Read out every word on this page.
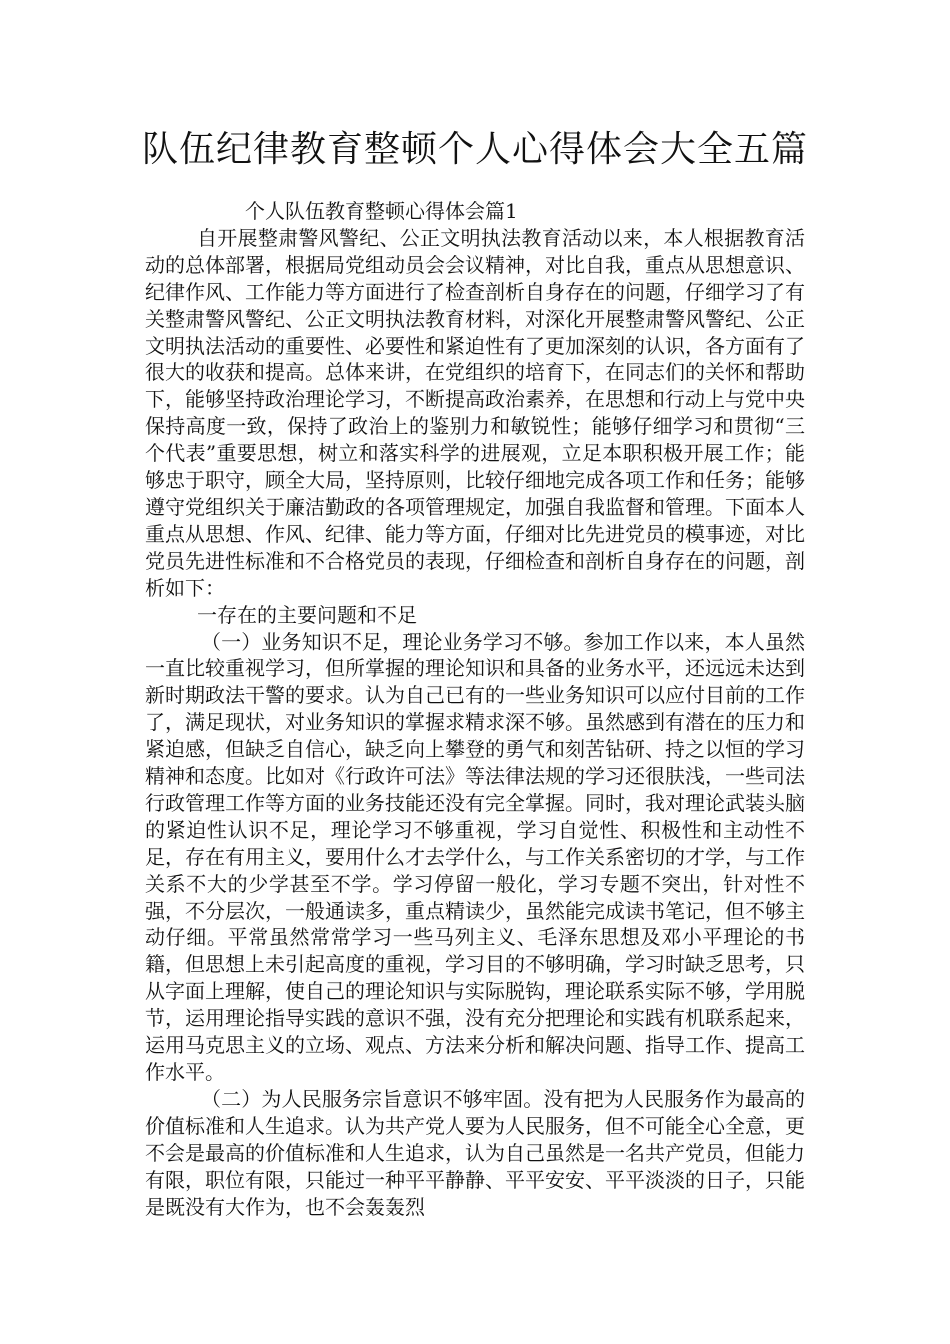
队伍纪律教育整顿个人心得体会大全五篇

个人队伍教育整顿心得体会篇1

自开展整肃警风警纪、公正文明执法教育活动以来，本人根据教育活动的总体部署，根据局党组动员会会议精神，对比自我，重点从思想意识、纪律作风、工作能力等方面进行了检查剖析自身存在的问题，仔细学习了有关整肃警风警纪、公正文明执法教育材料，对深化开展整肃警风警纪、公正文明执法活动的重要性、必要性和紧迫性有了更加深刻的认识，各方面有了很大的收获和提高。总体来讲，在党组织的培育下，在同志们的关怀和帮助下，能够坚持政治理论学习，不断提高政治素养，在思想和行动上与党中央保持高度一致，保持了政治上的鉴别力和敏锐性；能够仔细学习和贯彻“三个代表”重要思想，树立和落实科学的进展观，立足本职积极开展工作；能够忠于职守，顾全大局，坚持原则，比较仔细地完成各项工作和任务；能够遵守党组织关于廉洁勤政的各项管理规定，加强自我监督和管理。下面本人重点从思想、作风、纪律、能力等方面，仔细对比先进党员的模事迹，对比党员先进性标准和不合格党员的表现，仔细检查和剖析自身存在的问题，剖析如下：

一存在的主要问题和不足

（一）业务知识不足，理论业务学习不够。参加工作以来，本人虽然一直比较重视学习，但所掌握的理论知识和具备的业务水平，还远远未达到新时期政法干警的要求。认为自己已有的一些业务知识可以应付目前的工作了，满足现状，对业务知识的掌握求精求深不够。虽然感到有潜在的压力和紧迫感，但缺乏自信心，缺乏向上攀登的勇气和刻苦钻研、持之以恒的学习精神和态度。比如对《行政许可法》等法律法规的学习还很肤浅，一些司法行政管理工作等方面的业务技能还没有完全掌握。同时，我对理论武装头脑的紧迫性认识不足，理论学习不够重视，学习自觉性、积极性和主动性不足，存在有用主义，要用什么才去学什么，与工作关系密切的才学，与工作关系不大的少学甚至不学。学习停留一般化，学习专题不突出，针对性不强，不分层次，一般通读多，重点精读少，虽然能完成读书笔记，但不够主动仔细。平常虽然常常学习一些马列主义、毛泽东思想及邓小平理论的书籍，但思想上未引起高度的重视，学习目的不够明确，学习时缺乏思考，只从字面上理解，使自己的理论知识与实际脱钩，理论联系实际不够，学用脱节，运用理论指导实践的意识不强，没有充分把理论和实践有机联系起来，运用马克思主义的立场、观点、方法来分析和解决问题、指导工作、提高工作水平。

（二）为人民服务宗旨意识不够牢固。没有把为人民服务作为最高的价值标准和人生追求。认为共产党人要为人民服务，但不可能全心全意，更不会是最高的价值标准和人生追求，认为自己虽然是一名共产党员，但能力有限，职位有限，只能过一种平平静静、平平安安、平平淡淡的日子，只能是既没有大作为，也不会轰轰烈
